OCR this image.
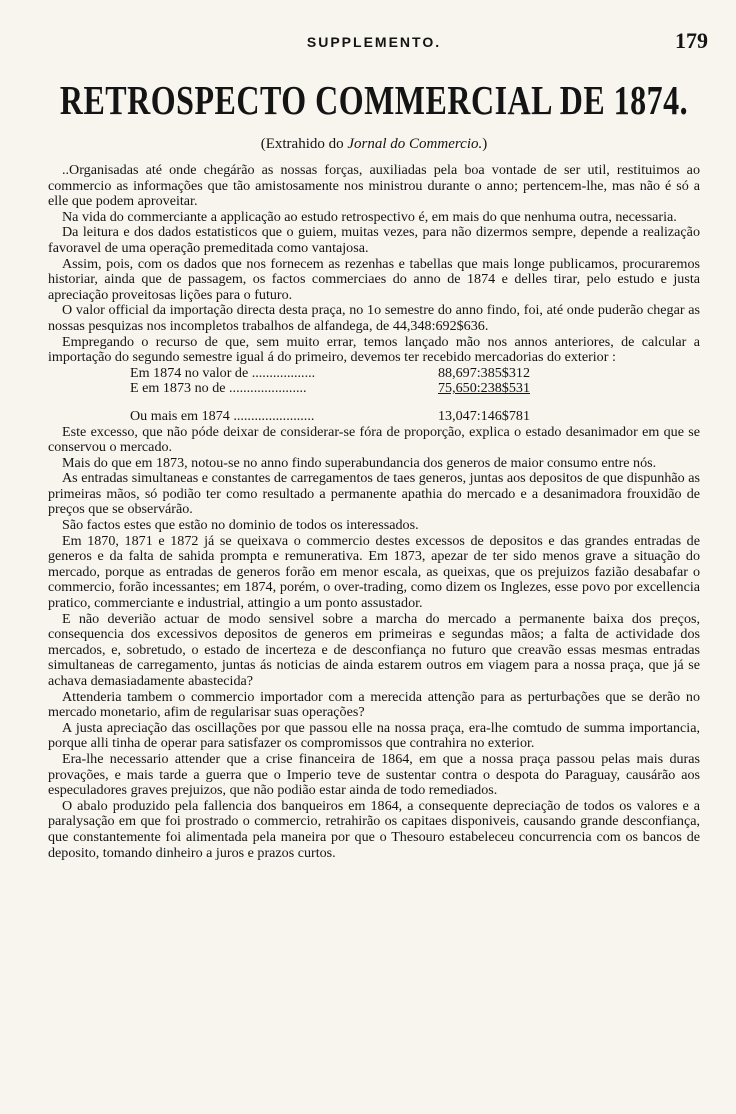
SUPPLEMENTO.	179
RETROSPECTO COMMERCIAL DE 1874.
(Extrahido do Jornal do Commercio.)

..Organisadas até onde chegárão as nossas forças, auxiliadas pela boa vontade de ser util, restituimos ao commercio as informações que tão amistosamente nos ministrou durante o anno; pertencem-lhe, mas não é só a elle que podem aproveitar.

Na vida do commerciante a applicação ao estudo retrospectivo é, em mais do que nenhuma outra, necessaria.

Da leitura e dos dados estatisticos que o guiem, muitas vezes, para não dizermos sempre, depende a realização favoravel de uma operação premeditada como vantajosa.

Assim, pois, com os dados que nos fornecem as rezenhas e tabellas que mais longe publicamos, procuraremos historiar, ainda que de passagem, os factos commerciaes do anno de 1874 e delles tirar, pelo estudo e justa apreciação proveitosas lições para o futuro.

O valor official da importação directa desta praça, no 1o semestre do anno findo, foi, até onde puderão chegar as nossas pesquizas nos incompletos trabalhos de alfandega, de 44,348:692$636.

Empregando o recurso de que, sem muito errar, temos lançado mão nos annos anteriores, de calcular a importação do segundo semestre igual á do primeiro, devemos ter recebido mercadorias do exterior :

Em 1874 no valor de ..................	88,697:385$312
E em 1873 no de ......................	75,650:238$531
Ou mais em 1874 .......................	13,047:146$781

Este excesso, que não póde deixar de considerar-se fóra de proporção, explica o estado desanimador em que se conservou o mercado.

Mais do que em 1873, notou-se no anno findo superabundancia dos generos de maior consumo entre nós.

As entradas simultaneas e constantes de carregamentos de taes generos, juntas aos depositos de que dispunhão as primeiras mãos, só podião ter como resultado a permanente apathia do mercado e a desanimadora frouxidão de preços que se observárão.

São factos estes que estão no dominio de todos os interessados.

Em 1870, 1871 e 1872 já se queixava o commercio destes excessos de depositos e das grandes entradas de generos e da falta de sahida prompta e remunerativa. Em 1873, apezar de ter sido menos grave a situação do mercado, porque as entradas de generos forão em menor escala, as queixas, que os prejuizos fazião desabafar o commercio, forão incessantes; em 1874, porém, o over-trading, como dizem os Inglezes, esse povo por excellencia pratico, commerciante e industrial, attingio a um ponto assustador.

E não deverião actuar de modo sensivel sobre a marcha do mercado a permanente baixa dos preços, consequencia dos excessivos depositos de generos em primeiras e segundas mãos; a falta de actividade dos mercados, e, sobretudo, o estado de incerteza e de desconfiança no futuro que creavão essas mesmas entradas simultaneas de carregamento, juntas ás noticias de ainda estarem outros em viagem para a nossa praça, que já se achava demasiadamente abastecida?

Attenderia tambem o commercio importador com a merecida attenção para as perturbações que se derão no mercado monetario, afim de regularisar suas operações?

A justa apreciação das oscillações por que passou elle na nossa praça, era-lhe comtudo de summa importancia, porque alli tinha de operar para satisfazer os compromissos que contrahira no exterior.

Era-lhe necessario attender que a crise financeira de 1864, em que a nossa praça passou pelas mais duras provações, e mais tarde a guerra que o Imperio teve de sustentar contra o despota do Paraguay, causárão aos especuladores graves prejuizos, que não podião estar ainda de todo remediados.

O abalo produzido pela fallencia dos banqueiros em 1864, a consequente depreciação de todos os valores e a paralysação em que foi prostrado o commercio, retrahirão os capitaes disponiveis, causando grande desconfiança, que constantemente foi alimentada pela maneira por que o Thesouro estabeleceu concurrencia com os bancos de deposito, tomando dinheiro a juros e prazos curtos.
